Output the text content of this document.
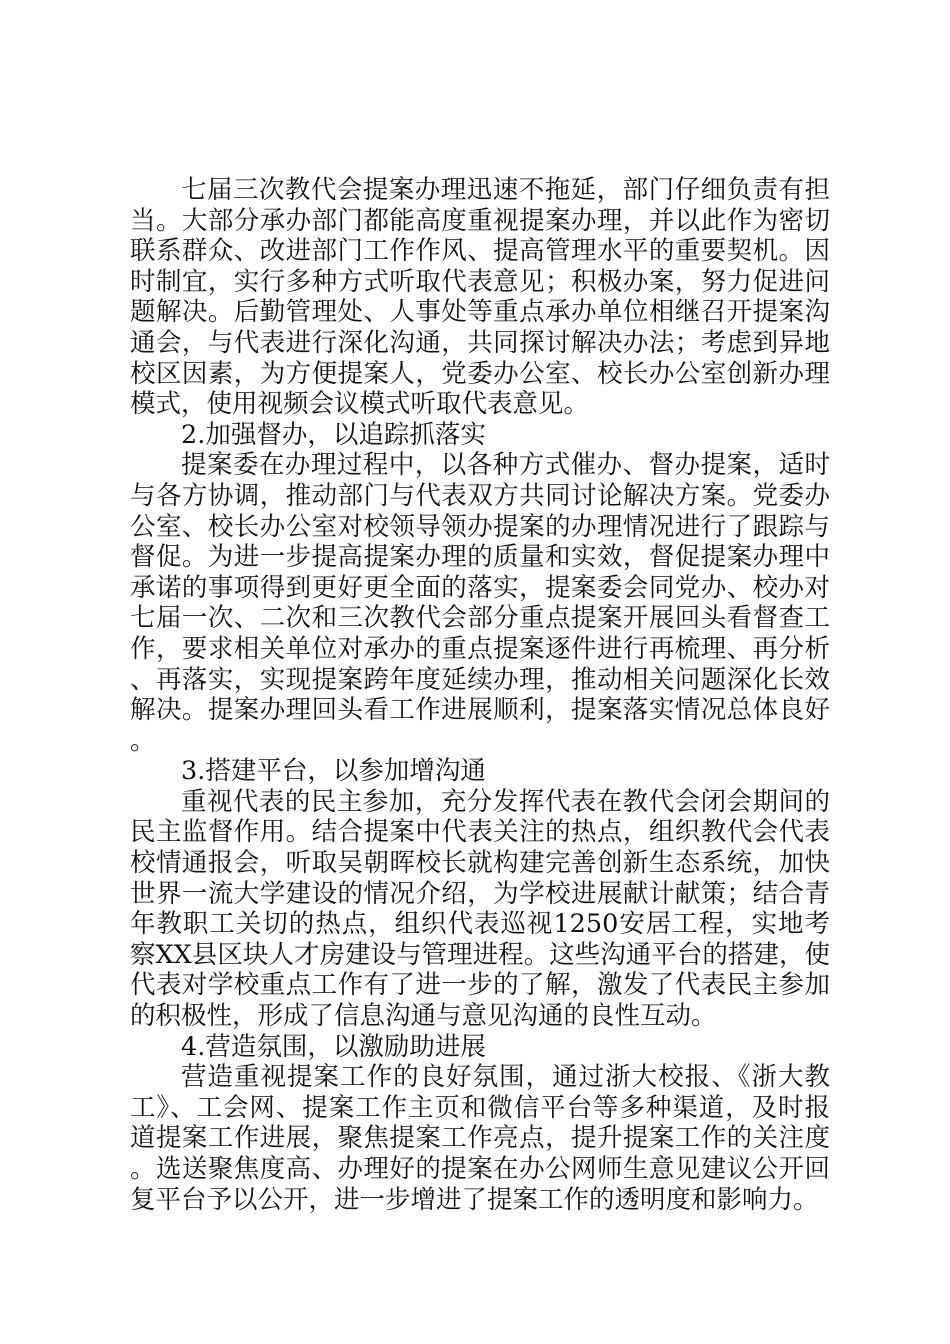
七届三次教代会提案办理迅速不拖延，部门仔细负责有担当。大部分承办部门都能高度重视提案办理，并以此作为密切联系群众、改进部门工作作风、提高管理水平的重要契机。因时制宜，实行多种方式听取代表意见；积极办案，努力促进问题解决。后勤管理处、人事处等重点承办单位相继召开提案沟通会，与代表进行深化沟通，共同探讨解决办法；考虑到异地校区因素，为方便提案人，党委办公室、校长办公室创新办理模式，使用视频会议模式听取代表意见。

2.加强督办，以追踪抓落实

提案委在办理过程中，以各种方式催办、督办提案，适时与各方协调，推动部门与代表双方共同讨论解决方案。党委办公室、校长办公室对校领导领办提案的办理情况进行了跟踪与督促。为进一步提高提案办理的质量和实效，督促提案办理中承诺的事项得到更好更全面的落实，提案委会同党办、校办对七届一次、二次和三次教代会部分重点提案开展回头看督查工作，要求相关单位对承办的重点提案逐件进行再梳理、再分析、再落实，实现提案跨年度延续办理，推动相关问题深化长效解决。提案办理回头看工作进展顺利，提案落实情况总体良好。

3.搭建平台，以参加增沟通

重视代表的民主参加，充分发挥代表在教代会闭会期间的民主监督作用。结合提案中代表关注的热点，组织教代会代表校情通报会，听取吴朝晖校长就构建完善创新生态系统，加快世界一流大学建设的情况介绍，为学校进展献计献策；结合青年教职工关切的热点，组织代表巡视1250安居工程，实地考察XX县区块人才房建设与管理进程。这些沟通平台的搭建，使代表对学校重点工作有了进一步的了解，激发了代表民主参加的积极性，形成了信息沟通与意见沟通的良性互动。

4.营造氛围，以激励助进展

营造重视提案工作的良好氛围，通过浙大校报、《浙大教工》、工会网、提案工作主页和微信平台等多种渠道，及时报道提案工作进展，聚焦提案工作亮点，提升提案工作的关注度。选送聚焦度高、办理好的提案在办公网师生意见建议公开回复平台予以公开，进一步增进了提案工作的透明度和影响力。
